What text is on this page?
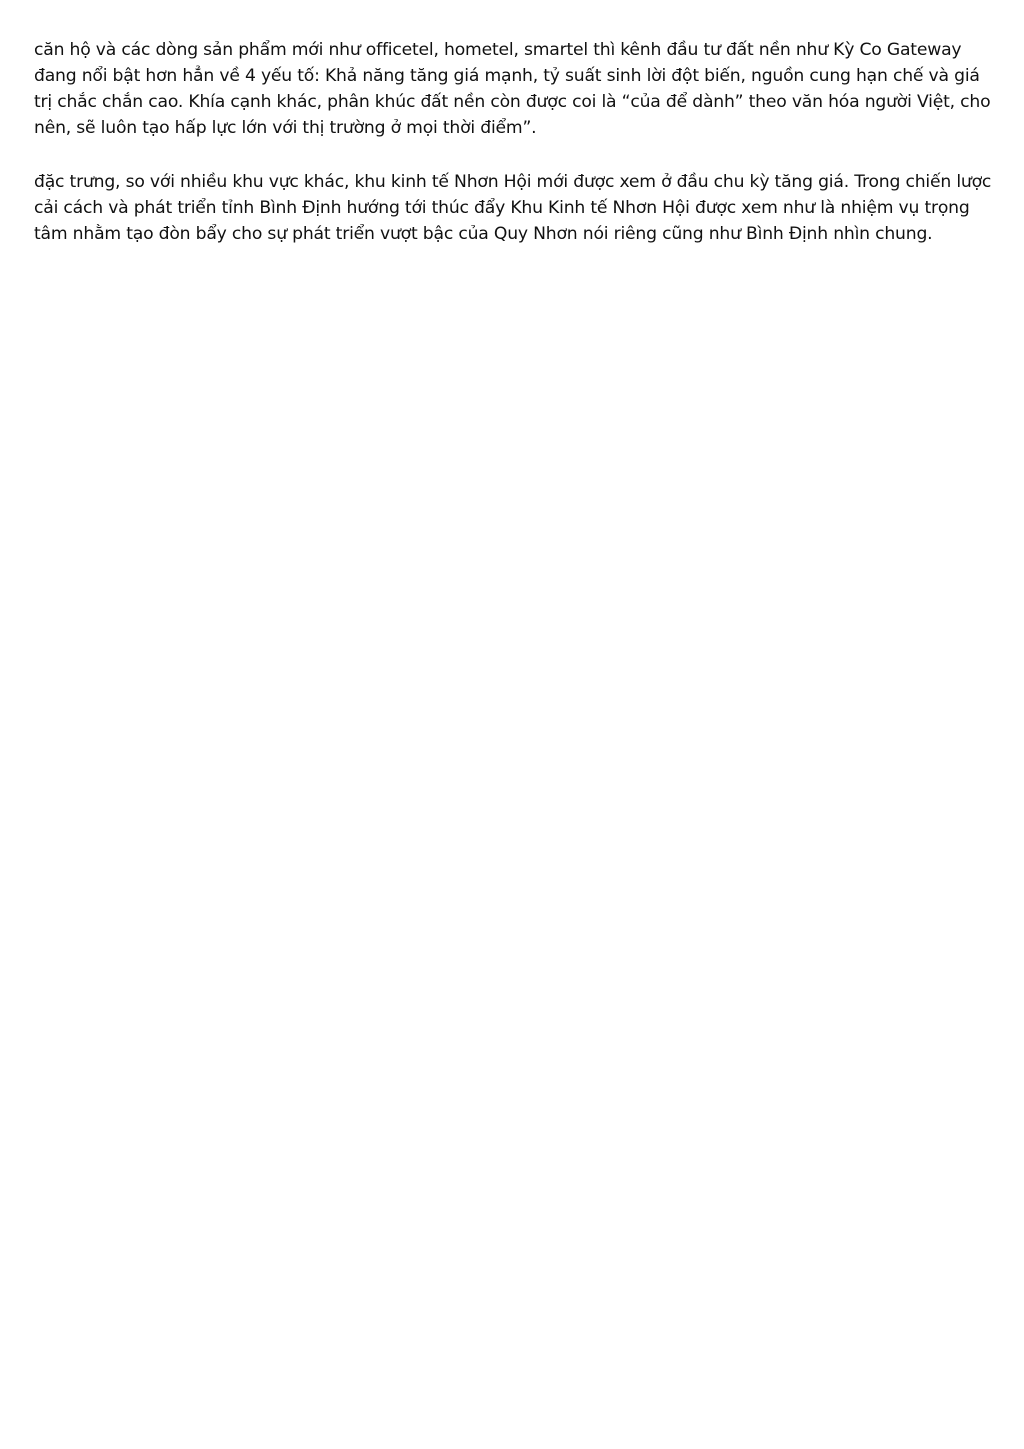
căn hộ và các dòng sản phẩm mới như officetel, hometel, smartel thì kênh đầu tư đất nền như Kỳ Co Gateway đang nổi bật hơn hẳn về 4 yếu tố: Khả năng tăng giá mạnh, tỷ suất sinh lời đột biến, nguồn cung hạn chế và giá trị chắc chắn cao. Khía cạnh khác, phân khúc đất nền còn được coi là “của để dành” theo văn hóa người Việt, cho nên, sẽ luôn tạo hấp lực lớn với thị trường ở mọi thời điểm”.

đặc trưng, so với nhiều khu vực khác, khu kinh tế Nhơn Hội mới được xem ở đầu chu kỳ tăng giá. Trong chiến lược cải cách và phát triển tỉnh Bình Định hướng tới thúc đẩy Khu Kinh tế Nhơn Hội được xem như là nhiệm vụ trọng tâm nhằm tạo đòn bẩy cho sự phát triển vượt bậc của Quy Nhơn nói riêng cũng như Bình Định nhìn chung.
